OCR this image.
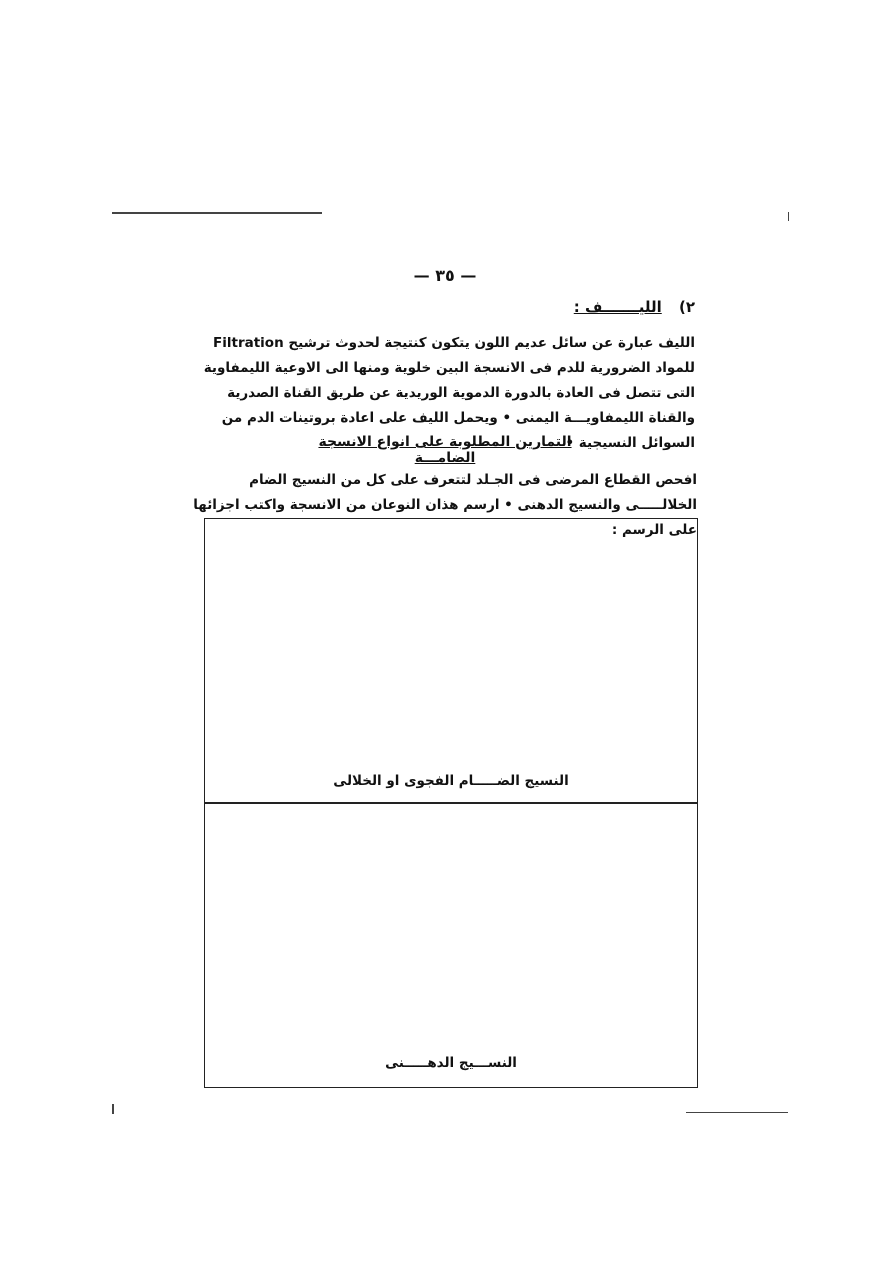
— ٣٥ —
٢) الليـــــــف :
الليف عبارة عن سائل عديم اللون يتكون كنتيجة لحدوث ترشيح Filtration للمواد الضرورية للدم فى الانسجة البين خلوية ومنها الى الاوعية الليمفاوية التى تتصل فى العادة بالدورة الدموية الوريدية عن طريق القناة الصدرية والقناة الليمفاويـــة اليمنى • ويحمل الليف على اعادة بروتينات الدم من السوائل النسيجية •
التمارين المطلوبة على انواع الانسجة الضامـــة
افحص القطاع المرضى فى الجـلد لتتعرف على كل من النسيج الضام الخلالـــــى والنسيج الدهنى • ارسم هذان النوعان من الانسجة واكتب اجزائها على الرسم :
النسيج الضـــــام الفجوى او الخلالى
النســـيج الدهـــــنى
